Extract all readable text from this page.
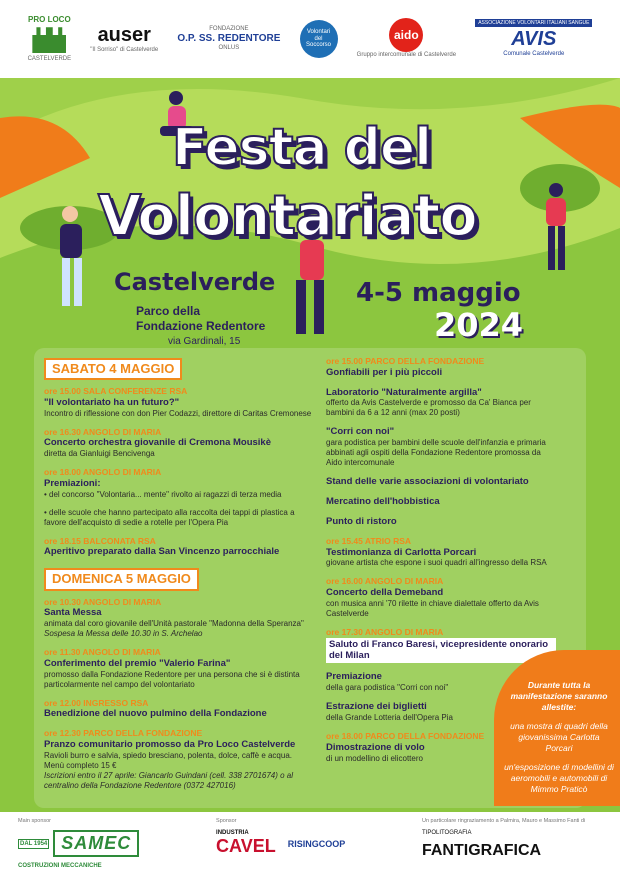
PRO LOCO
CASTELVERDE
auser
"Il Sorriso" di Castelverde
FONDAZIONE
O.P. SS. REDENTORE
ONLUS
Volontari del Soccorso
aido
Gruppo intercomunale di Castelverde
ASSOCIAZIONE VOLONTARI ITALIANI SANGUE
AVIS
Comunale Castelverde
Festa del
Volontariato
Castelverde
Parco della
Fondazione Redentore
via Gardinali, 15
4-5 maggio
2024
SABATO 4 MAGGIO
ore 15.00 SALA CONFERENZE RSA
"Il volontariato ha un futuro?"
Incontro di riflessione con don Pier Codazzi, direttore di Caritas Cremonese
ore 16.30 ANGOLO DI MARIA
Concerto orchestra giovanile di Cremona Mousikè
diretta da Gianluigi Bencivenga
ore 18.00 ANGOLO DI MARIA
Premiazioni:
• del concorso "Volontaria... mente" rivolto ai ragazzi di terza media
• delle scuole che hanno partecipato alla raccolta dei tappi di plastica a favore dell'acquisto di sedie a rotelle per l'Opera Pia
ore 18.15 BALCONATA RSA
Aperitivo preparato dalla San Vincenzo parrocchiale
DOMENICA 5 MAGGIO
ore 10.30 ANGOLO DI MARIA
Santa Messa
animata dal coro giovanile dell'Unità pastorale "Madonna della Speranza"
Sospesa la Messa delle 10.30 in S. Archelao
ore 11.30 ANGOLO DI MARIA
Conferimento del premio "Valerio Farina"
promosso dalla Fondazione Redentore per una persona che si è distinta particolarmente nel campo del volontariato
ore 12.00 INGRESSO RSA
Benedizione del nuovo pulmino della Fondazione
ore 12.30 PARCO DELLA FONDAZIONE
Pranzo comunitario promosso da Pro Loco Castelverde
Ravioli burro e salvia, spiedo bresciano, polenta, dolce, caffè e acqua. Menù completo 15 €
Iscrizioni entro il 27 aprile: Giancarlo Guindani (cell. 338 2701674) o al centralino della Fondazione Redentore (0372 427016)
ore 15.00 PARCO DELLA FONDAZIONE
Gonfiabili per i più piccoli
Laboratorio "Naturalmente argilla"
offerto da Avis Castelverde e promosso da Ca' Bianca per bambini da 6 a 12 anni (max 20 posti)
"Corri con noi"
gara podistica per bambini delle scuole dell'infanzia e primaria abbinati agli ospiti della Fondazione Redentore promossa da Aido intercomunale
Stand delle varie associazioni di volontariato
Mercatino dell'hobbistica
Punto di ristoro
ore 15.45 ATRIO RSA
Testimonianza di Carlotta Porcari
giovane artista che espone i suoi quadri all'ingresso della RSA
ore 16.00 ANGOLO DI MARIA
Concerto della Demeband
con musica anni '70 rilette in chiave dialettale offerto da Avis Castelverde
ore 17.30 ANGOLO DI MARIA
Saluto di Franco Baresi, vicepresidente onorario del Milan
Premiazione
della gara podistica "Corri con noi"
Estrazione dei biglietti
della Grande Lotteria dell'Opera Pia
ore 18.00 PARCO DELLA FONDAZIONE
Dimostrazione di volo
di un modellino di elicottero
Durante tutta la manifestazione saranno allestite:
una mostra di quadri della giovanissima Carlotta Porcari
un'esposizione di modellini di aeromobili e automobili di Mimmo Praticò
Main sponsor
DAL 1954 SAMEC
COSTRUZIONI MECCANICHE
Sponsor
INDUSTRIA
CAVEL RISINGCOOP
Un particolare ringraziamento a Palmira, Mauro e Massimo Fanti di
TIPOLITOGRAFIA
FANTIGRAFICA
